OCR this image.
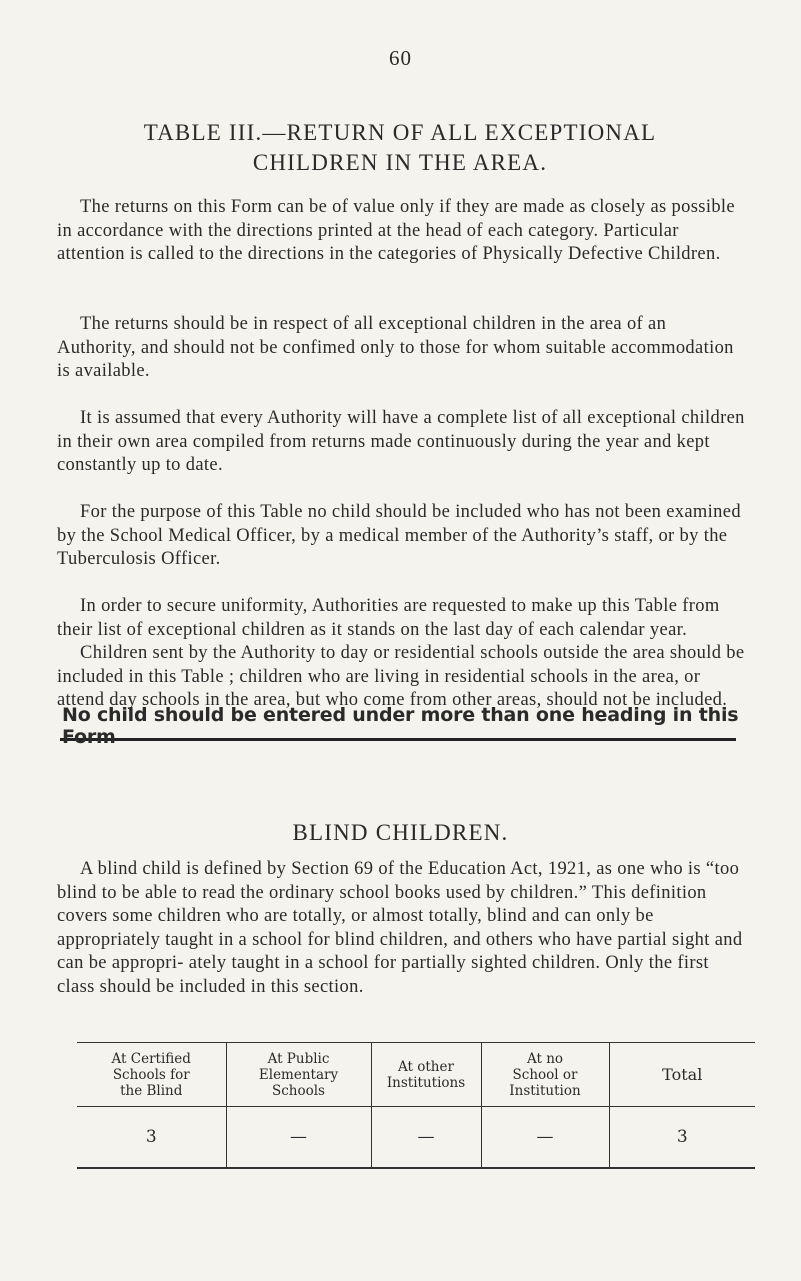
60
TABLE III.—RETURN OF ALL EXCEPTIONAL
CHILDREN IN THE AREA.

The returns on this Form can be of value only if they are made as closely as possible in accordance with the directions printed at the head of each category. Particular attention is called to the directions in the categories of Physically Defective Children.

The returns should be in respect of all exceptional children in the area of an Authority, and should not be confimed only to those for whom suitable accommodation is available.

It is assumed that every Authority will have a complete list of all exceptional children in their own area compiled from returns made continuously during the year and kept constantly up to date.

For the purpose of this Table no child should be included who has not been examined by the School Medical Officer, by a medical member of the Authority’s staff, or by the Tuberculosis Officer.

In order to secure uniformity, Authorities are requested to make up this Table from their list of exceptional children as it stands on the last day of each calendar year.

Children sent by the Authority to day or residential schools outside the area should be included in this Table ; children who are living in residential schools in the area, or attend day schools in the area, but who come from other areas, should not be included.

BLIND CHILDREN.

A blind child is defined by Section 69 of the Education Act, 1921, as one who is “too blind to be able to read the ordinary school books used by children.” This definition covers some children who are totally, or almost totally, blind and can only be appropriately taught in a school for blind children, and others who have partial sight and can be appropri- ately taught in a school for partially sighted children. Only the first class should be included in this section.

At Certified
Schools for
the Blind	At Public
Elementary
Schools	At other
Institutions	At no
School or
Institution	Total
3	—	—	—	3

No child should be entered under more than one heading in this Form
